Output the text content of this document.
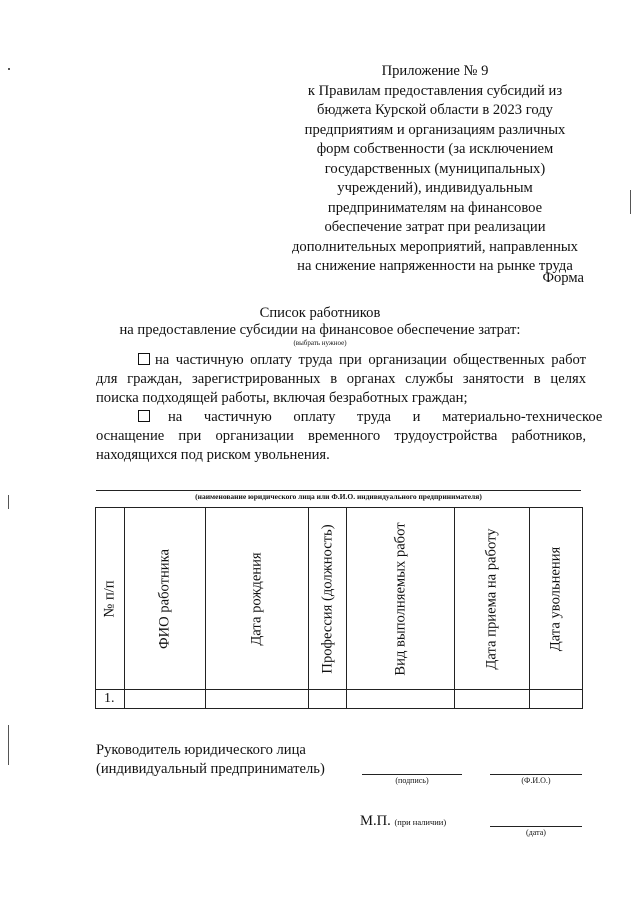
Приложение № 9
к Правилам предоставления субсидий из
бюджета Курской области в 2023 году
предприятиям и организациям различных
форм собственности (за исключением
государственных (муниципальных)
учреждений), индивидуальным
предпринимателям на финансовое
обеспечение затрат при реализации
дополнительных мероприятий, направленных
на снижение напряженности на рынке труда
Форма
Список работников
на предоставление субсидии на финансовое обеспечение затрат:
(выбрать нужное)
на частичную оплату труда при организации общественных работ
для граждан, зарегистрированных в органах службы занятости в целях
поиска подходящей работы, включая безработных граждан;
на частичную оплату труда и материально-техническое
оснащение при организации временного трудоустройства работников,
находящихся под риском увольнения.
(наименование юридического лица или Ф.И.О. индивидуального предпринимателя)
№ п/п	ФИО работника	Дата рождения	Профессия (должность)	Вид выполняемых работ	Дата приема на работу	Дата увольнения

1.						
Руководитель юридического лица
(индивидуальный предприниматель)
(подпись)	(Ф.И.О.)
М.П. (при наличии)
(дата)
